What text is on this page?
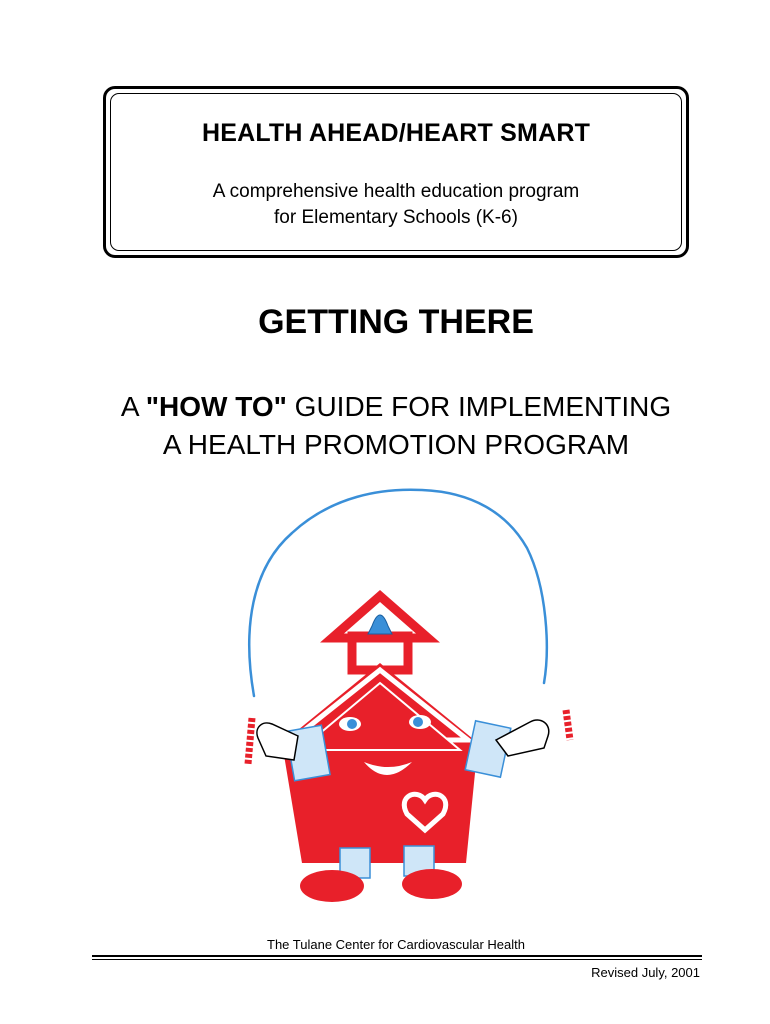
HEALTH AHEAD/HEART SMART
A comprehensive health education program
for Elementary Schools (K-6)
GETTING THERE
A "HOW TO" GUIDE FOR IMPLEMENTING
A HEALTH PROMOTION PROGRAM
The Tulane Center for Cardiovascular Health
Revised July, 2001
